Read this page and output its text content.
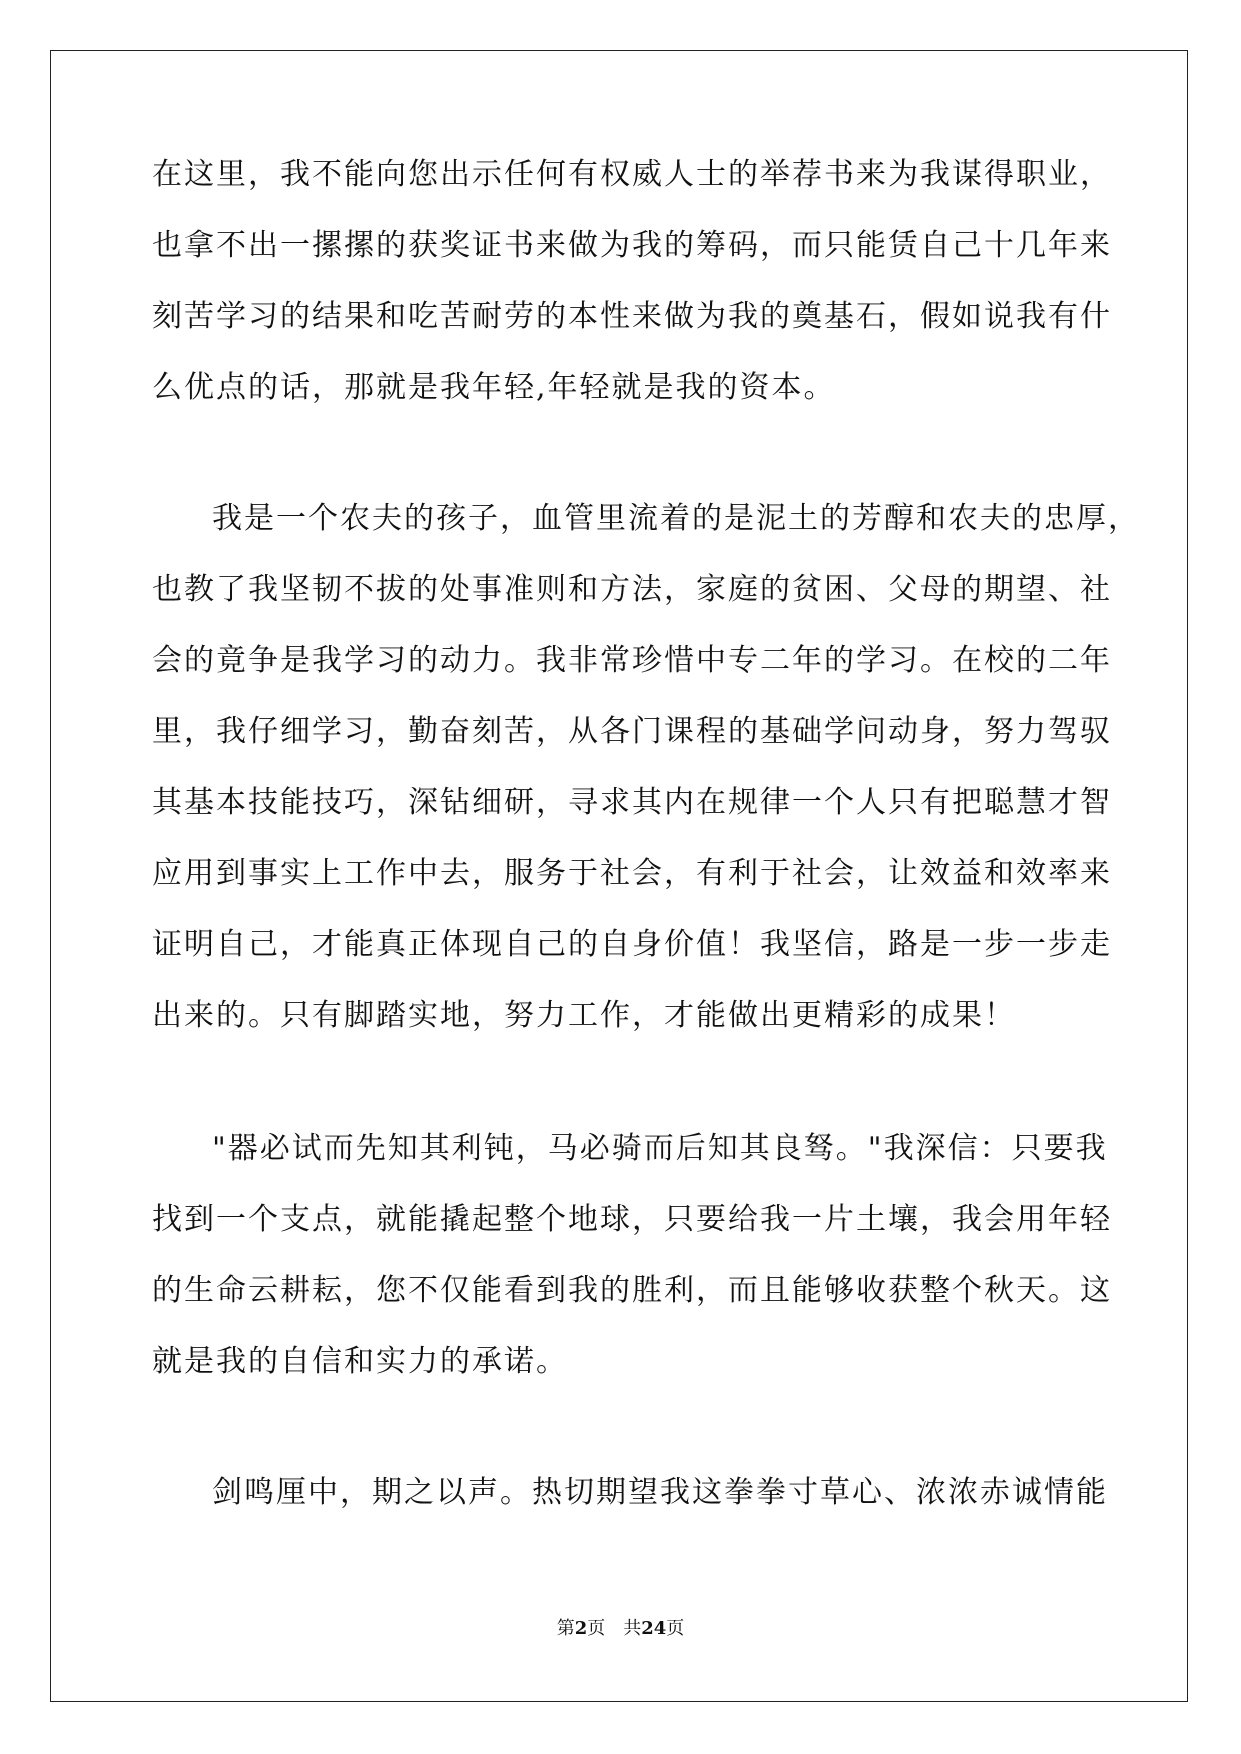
在这里，我不能向您出示任何有权威人士的举荐书来为我谋得职业，
也拿不出一摞摞的获奖证书来做为我的筹码，而只能赁自己十几年来
刻苦学习的结果和吃苦耐劳的本性来做为我的奠基石，假如说我有什
么优点的话，那就是我年轻,年轻就是我的资本。
我是一个农夫的孩子，血管里流着的是泥土的芳醇和农夫的忠厚，
也教了我坚韧不拔的处事准则和方法，家庭的贫困、父母的期望、社
会的竟争是我学习的动力。我非常珍惜中专二年的学习。在校的二年
里，我仔细学习，勤奋刻苦，从各门课程的基础学问动身，努力驾驭
其基本技能技巧，深钻细研，寻求其内在规律一个人只有把聪慧才智
应用到事实上工作中去，服务于社会，有利于社会，让效益和效率来
证明自己，才能真正体现自己的自身价值！我坚信，路是一步一步走
出来的。只有脚踏实地，努力工作，才能做出更精彩的成果！
"器必试而先知其利钝，马必骑而后知其良驽。"我深信：只要我
找到一个支点，就能撬起整个地球，只要给我一片土壤，我会用年轻
的生命云耕耘，您不仅能看到我的胜利，而且能够收获整个秋天。这
就是我的自信和实力的承诺。
剑鸣厘中，期之以声。热切期望我这拳拳寸草心、浓浓赤诚情能
第2页 共24页
